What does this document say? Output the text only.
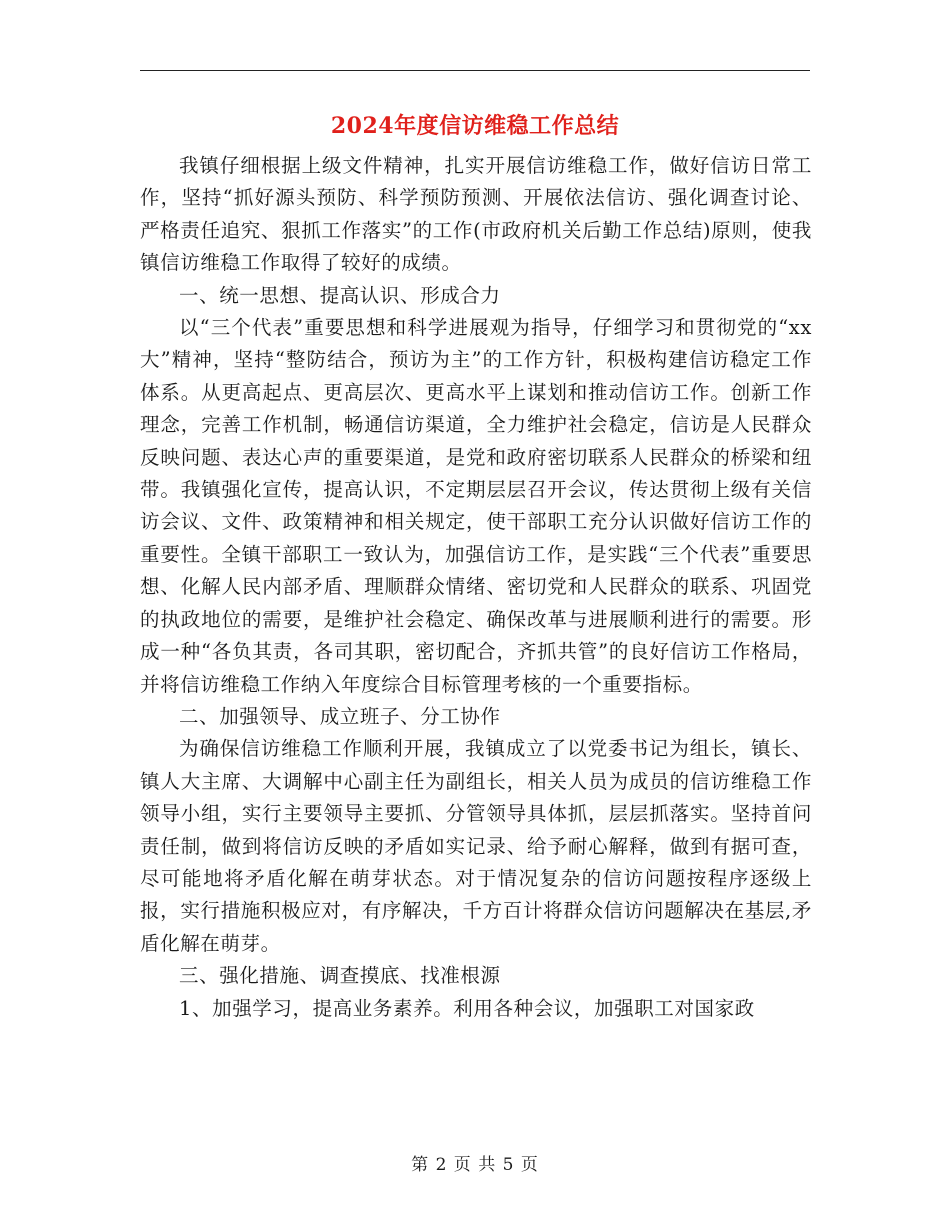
2024年度信访维稳工作总结

我镇仔细根据上级文件精神，扎实开展信访维稳工作，做好信访日常工作，坚持“抓好源头预防、科学预防预测、开展依法信访、强化调查讨论、严格责任追究、狠抓工作落实”的工作(市政府机关后勤工作总结)原则，使我镇信访维稳工作取得了较好的成绩。

一、统一思想、提高认识、形成合力

以“三个代表”重要思想和科学进展观为指导，仔细学习和贯彻党的“xx大”精神，坚持“整防结合，预访为主”的工作方针，积极构建信访稳定工作体系。从更高起点、更高层次、更高水平上谋划和推动信访工作。创新工作理念，完善工作机制，畅通信访渠道，全力维护社会稳定，信访是人民群众反映问题、表达心声的重要渠道，是党和政府密切联系人民群众的桥梁和纽带。我镇强化宣传，提高认识，不定期层层召开会议，传达贯彻上级有关信访会议、文件、政策精神和相关规定，使干部职工充分认识做好信访工作的重要性。全镇干部职工一致认为，加强信访工作，是实践“三个代表”重要思想、化解人民内部矛盾、理顺群众情绪、密切党和人民群众的联系、巩固党的执政地位的需要，是维护社会稳定、确保改革与进展顺利进行的需要。形成一种“各负其责，各司其职，密切配合，齐抓共管”的良好信访工作格局，并将信访维稳工作纳入年度综合目标管理考核的一个重要指标。

二、加强领导、成立班子、分工协作

为确保信访维稳工作顺利开展，我镇成立了以党委书记为组长，镇长、镇人大主席、大调解中心副主任为副组长，相关人员为成员的信访维稳工作领导小组，实行主要领导主要抓、分管领导具体抓，层层抓落实。坚持首问责任制，做到将信访反映的矛盾如实记录、给予耐心解释，做到有据可查，尽可能地将矛盾化解在萌芽状态。对于情况复杂的信访问题按程序逐级上报，实行措施积极应对，有序解决，千方百计将群众信访问题解决在基层,矛盾化解在萌芽。

三、强化措施、调查摸底、找准根源

1、加强学习，提高业务素养。利用各种会议，加强职工对国家政

第 2 页 共 5 页
